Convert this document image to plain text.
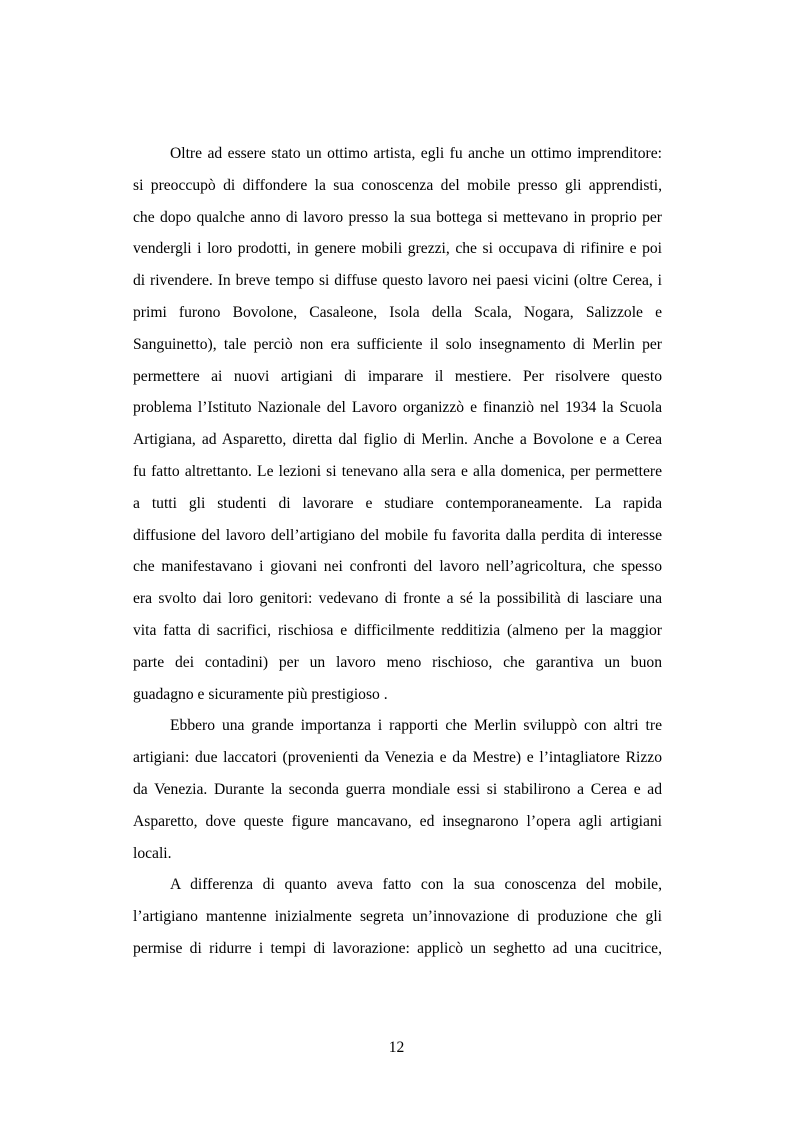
Oltre ad essere stato un ottimo artista, egli fu anche un ottimo imprenditore:
si preoccupò di diffondere la sua conoscenza del mobile presso gli apprendisti,
che dopo qualche anno di lavoro presso la sua bottega si mettevano in proprio per
vendergli i loro prodotti, in genere mobili grezzi, che si occupava di rifinire e poi
di rivendere. In breve tempo si diffuse questo lavoro nei paesi vicini (oltre Cerea, i
primi furono Bovolone, Casaleone, Isola della Scala, Nogara, Salizzole e
Sanguinetto), tale perciò non era sufficiente il solo insegnamento di Merlin per
permettere ai nuovi artigiani di imparare il mestiere. Per risolvere questo
problema l’Istituto Nazionale del Lavoro organizzò e finanziò nel 1934 la Scuola
Artigiana, ad Asparetto, diretta dal figlio di Merlin. Anche a Bovolone e a Cerea
fu fatto altrettanto. Le lezioni si tenevano alla sera e alla domenica, per permettere
a tutti gli studenti di lavorare e studiare contemporaneamente. La rapida
diffusione del lavoro dell’artigiano del mobile fu favorita dalla perdita di interesse
che manifestavano i giovani nei confronti del lavoro nell’agricoltura, che spesso
era svolto dai loro genitori: vedevano di fronte a sé la possibilità di lasciare una
vita fatta di sacrifici, rischiosa e difficilmente redditizia (almeno per la maggior
parte dei contadini) per un lavoro meno rischioso, che garantiva un buon
guadagno e sicuramente più prestigioso .
Ebbero una grande importanza i rapporti che Merlin sviluppò con altri tre
artigiani: due laccatori (provenienti da Venezia e da Mestre) e l’intagliatore Rizzo
da Venezia. Durante la seconda guerra mondiale essi si stabilirono a Cerea e ad
Asparetto, dove queste figure mancavano, ed insegnarono l’opera agli artigiani
locali.
A differenza di quanto aveva fatto con la sua conoscenza del mobile,
l’artigiano mantenne inizialmente segreta un’innovazione di produzione che gli
permise di ridurre i tempi di lavorazione: applicò un seghetto ad una cucitrice,
12
